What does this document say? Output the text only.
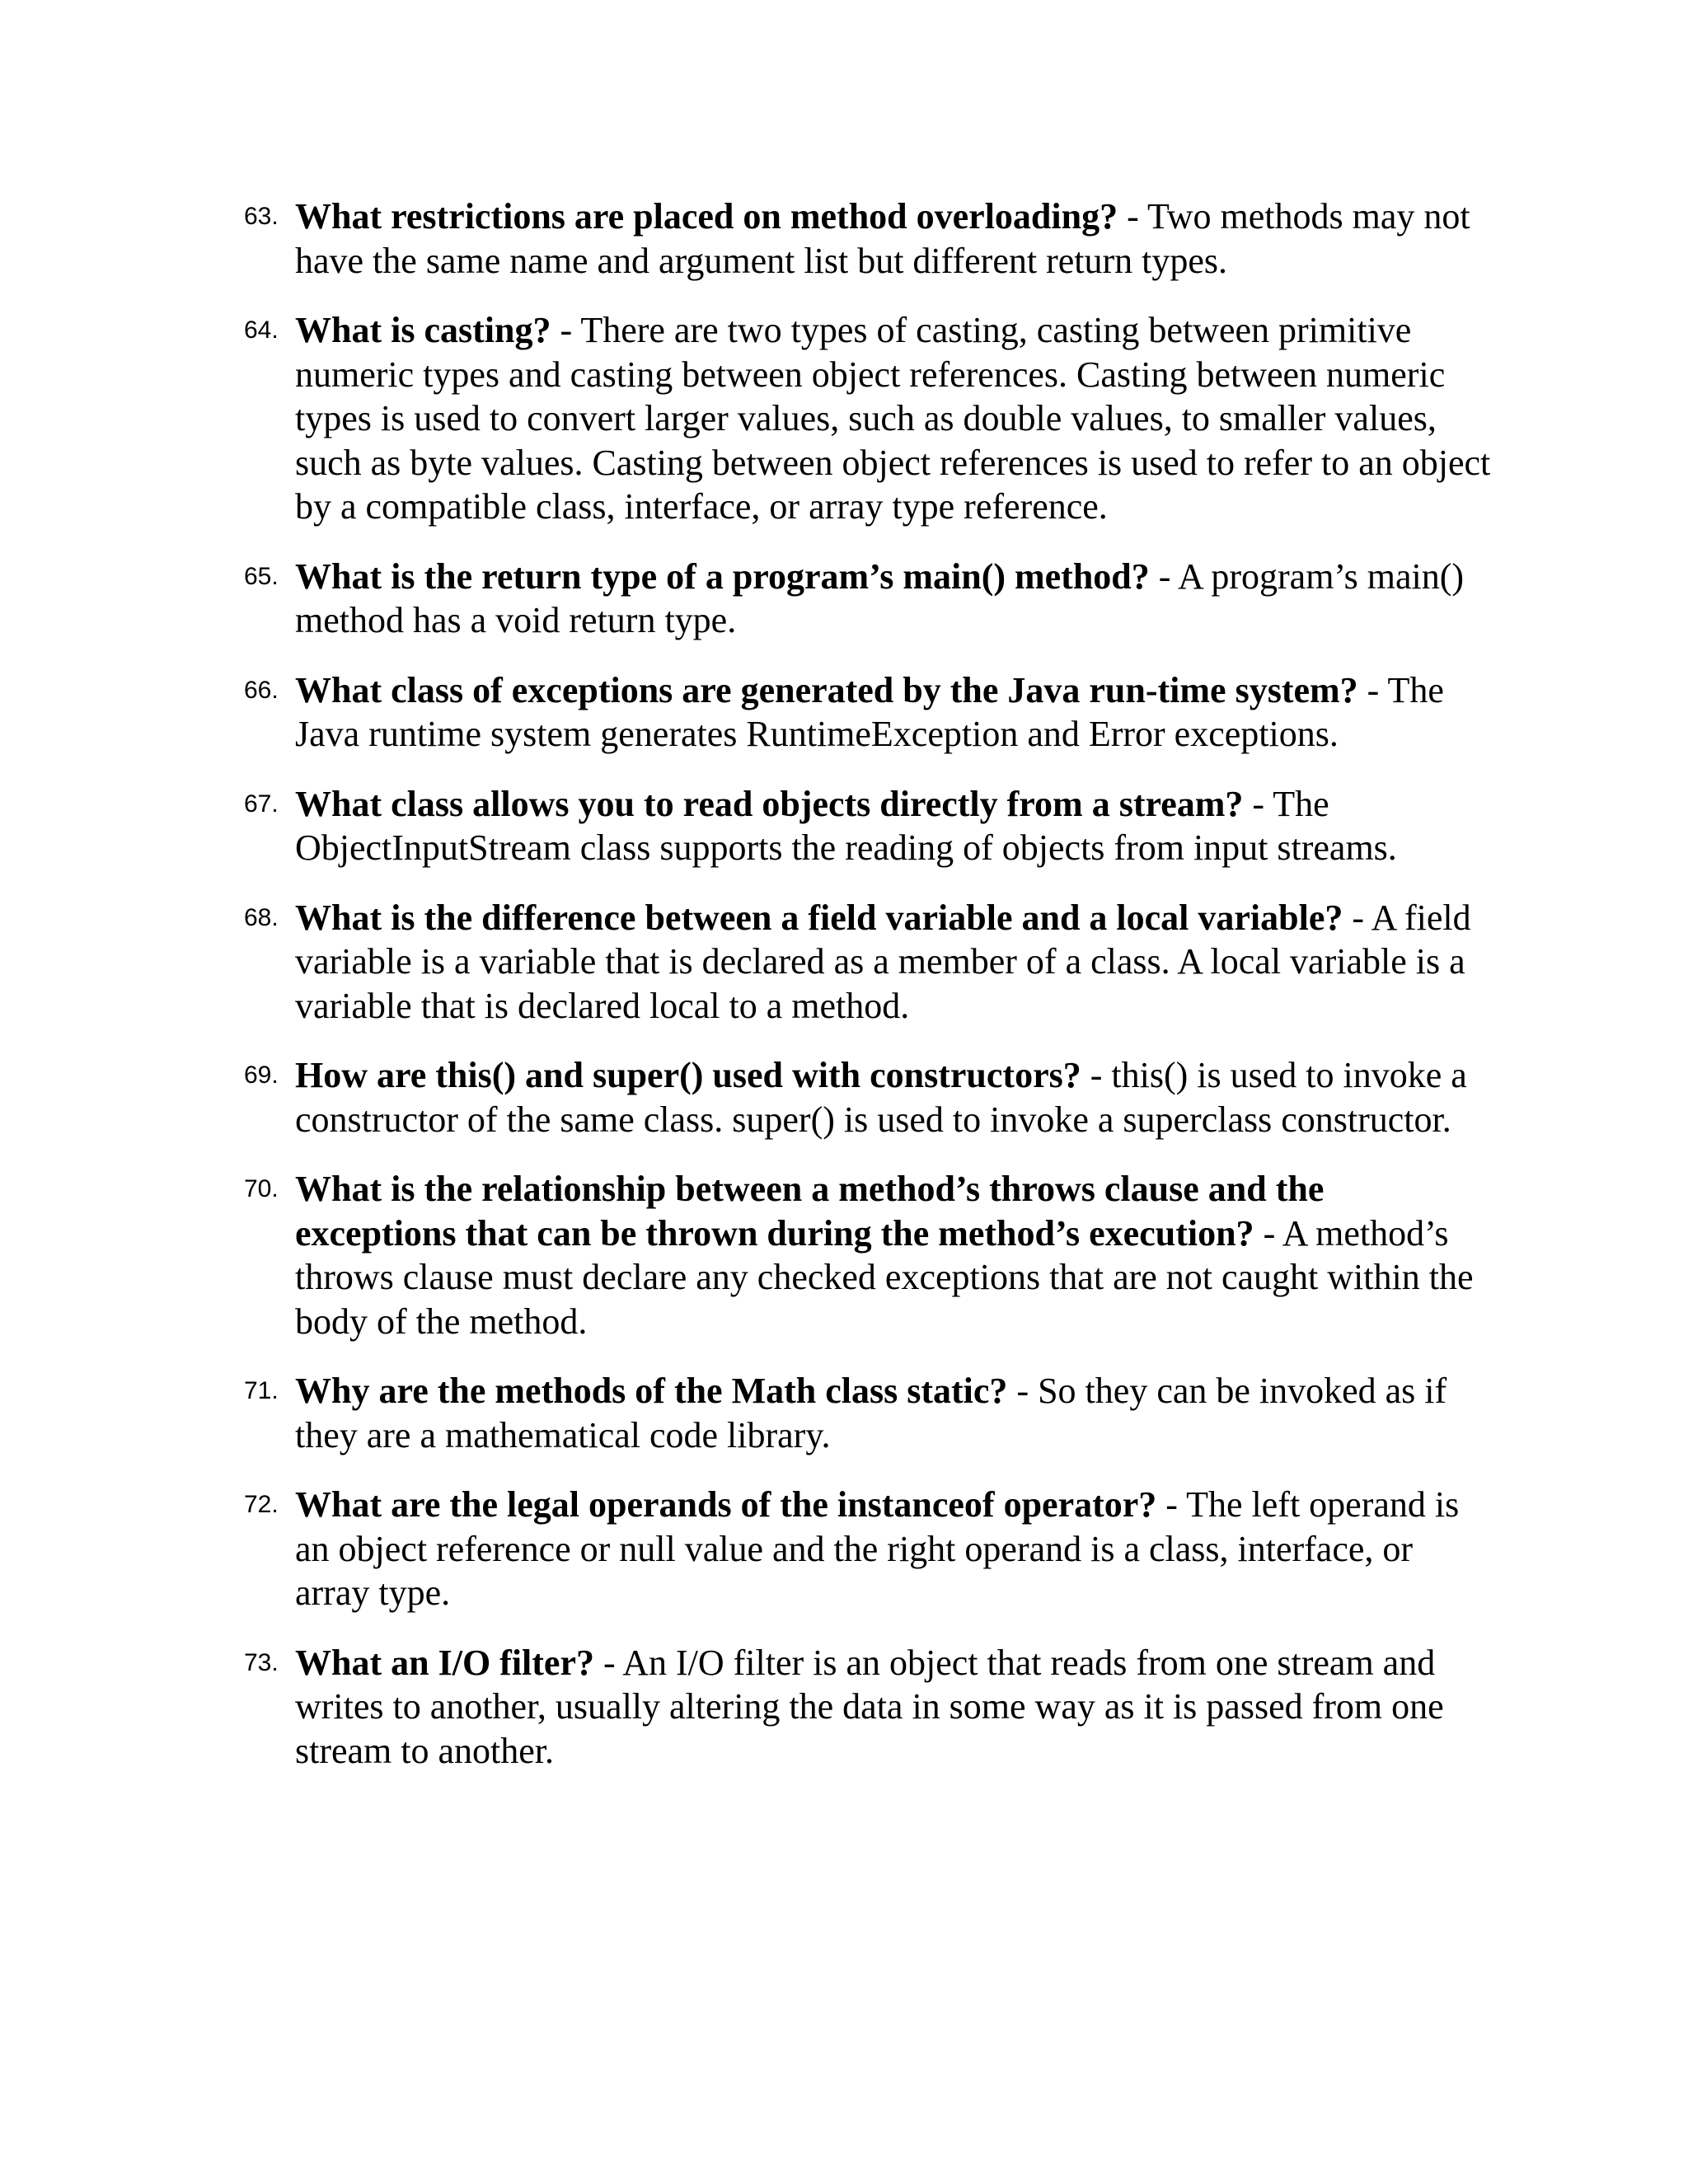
63. What restrictions are placed on method overloading? - Two methods may not have the same name and argument list but different return types.
64. What is casting? - There are two types of casting, casting between primitive numeric types and casting between object references. Casting between numeric types is used to convert larger values, such as double values, to smaller values, such as byte values. Casting between object references is used to refer to an object by a compatible class, interface, or array type reference.
65. What is the return type of a program’s main() method? - A program’s main() method has a void return type.
66. What class of exceptions are generated by the Java run-time system? - The Java runtime system generates RuntimeException and Error exceptions.
67. What class allows you to read objects directly from a stream? - The ObjectInputStream class supports the reading of objects from input streams.
68. What is the difference between a field variable and a local variable? - A field variable is a variable that is declared as a member of a class. A local variable is a variable that is declared local to a method.
69. How are this() and super() used with constructors? - this() is used to invoke a constructor of the same class. super() is used to invoke a superclass constructor.
70. What is the relationship between a method’s throws clause and the exceptions that can be thrown during the method’s execution? - A method’s throws clause must declare any checked exceptions that are not caught within the body of the method.
71. Why are the methods of the Math class static? - So they can be invoked as if they are a mathematical code library.
72. What are the legal operands of the instanceof operator? - The left operand is an object reference or null value and the right operand is a class, interface, or array type.
73. What an I/O filter? - An I/O filter is an object that reads from one stream and writes to another, usually altering the data in some way as it is passed from one stream to another.
